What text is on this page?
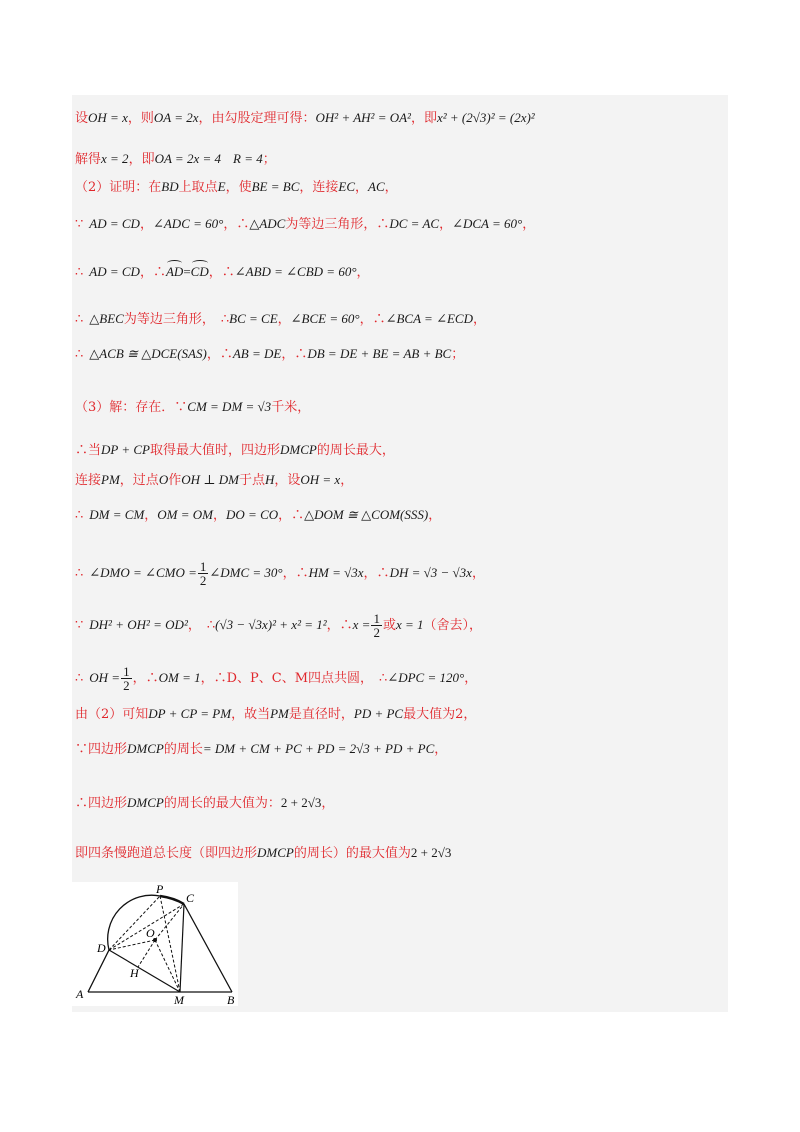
设OH = x，则OA = 2x，由勾股定理可得：OH² + AH² = OA²，即x² + (2√3)² = (2x)²
解得x = 2，即OA = 2x = 4 R = 4；
（2）证明：在BD上取点E，使BE = BC，连接EC，AC，
∵ AD = CD，∠ADC = 60°，∴△ADC为等边三角形，∴DC = AC，∠DCA = 60°，
∴ AD = CD，∴AD=CD，∴∠ABD = ∠CBD = 60°，
∴ △BEC为等边三角形， ∴BC = CE，∠BCE = 60°，∴∠BCA = ∠ECD，
∴ △ACB ≅ △DCE(SAS)，∴AB = DE，∴DB = DE + BE = AB + BC；
（3）解：存在．∵CM = DM = √3千米，
∴当DP + CP取得最大值时，四边形DMCP的周长最大，
连接PM，过点O作OH ⊥ DM于点H，设OH = x，
∴ DM = CM，OM = OM，DO = CO，∴△DOM ≅ △COM(SSS)，
∴ ∠DMO = ∠CMO = $\frac{1}{2}$ ∠DMC = 30°，∴HM = √3x，∴DH = √3 − √3x，
∵ DH² + OH² = OD²， ∴(√3 − √3x)² + x² = 1²，∴x = $\frac{1}{2}$ 或x = 1（舍去），
∴ OH = $\frac{1}{2}$ ，∴OM = 1，∴D、P、C、M四点共圆， ∴∠DPC = 120°，
由（2）可知DP + CP = PM，故当PM是直径时，PD + PC最大值为2，
∵四边形DMCP的周长= DM + CM + PC + PD = 2√3 + PD + PC，
∴四边形DMCP的周长的最大值为：2 + 2√3，
即四条慢跑道总长度（即四边形DMCP的周长）的最大值为2 + 2√3
P
C
O
D
H
A	M	B
